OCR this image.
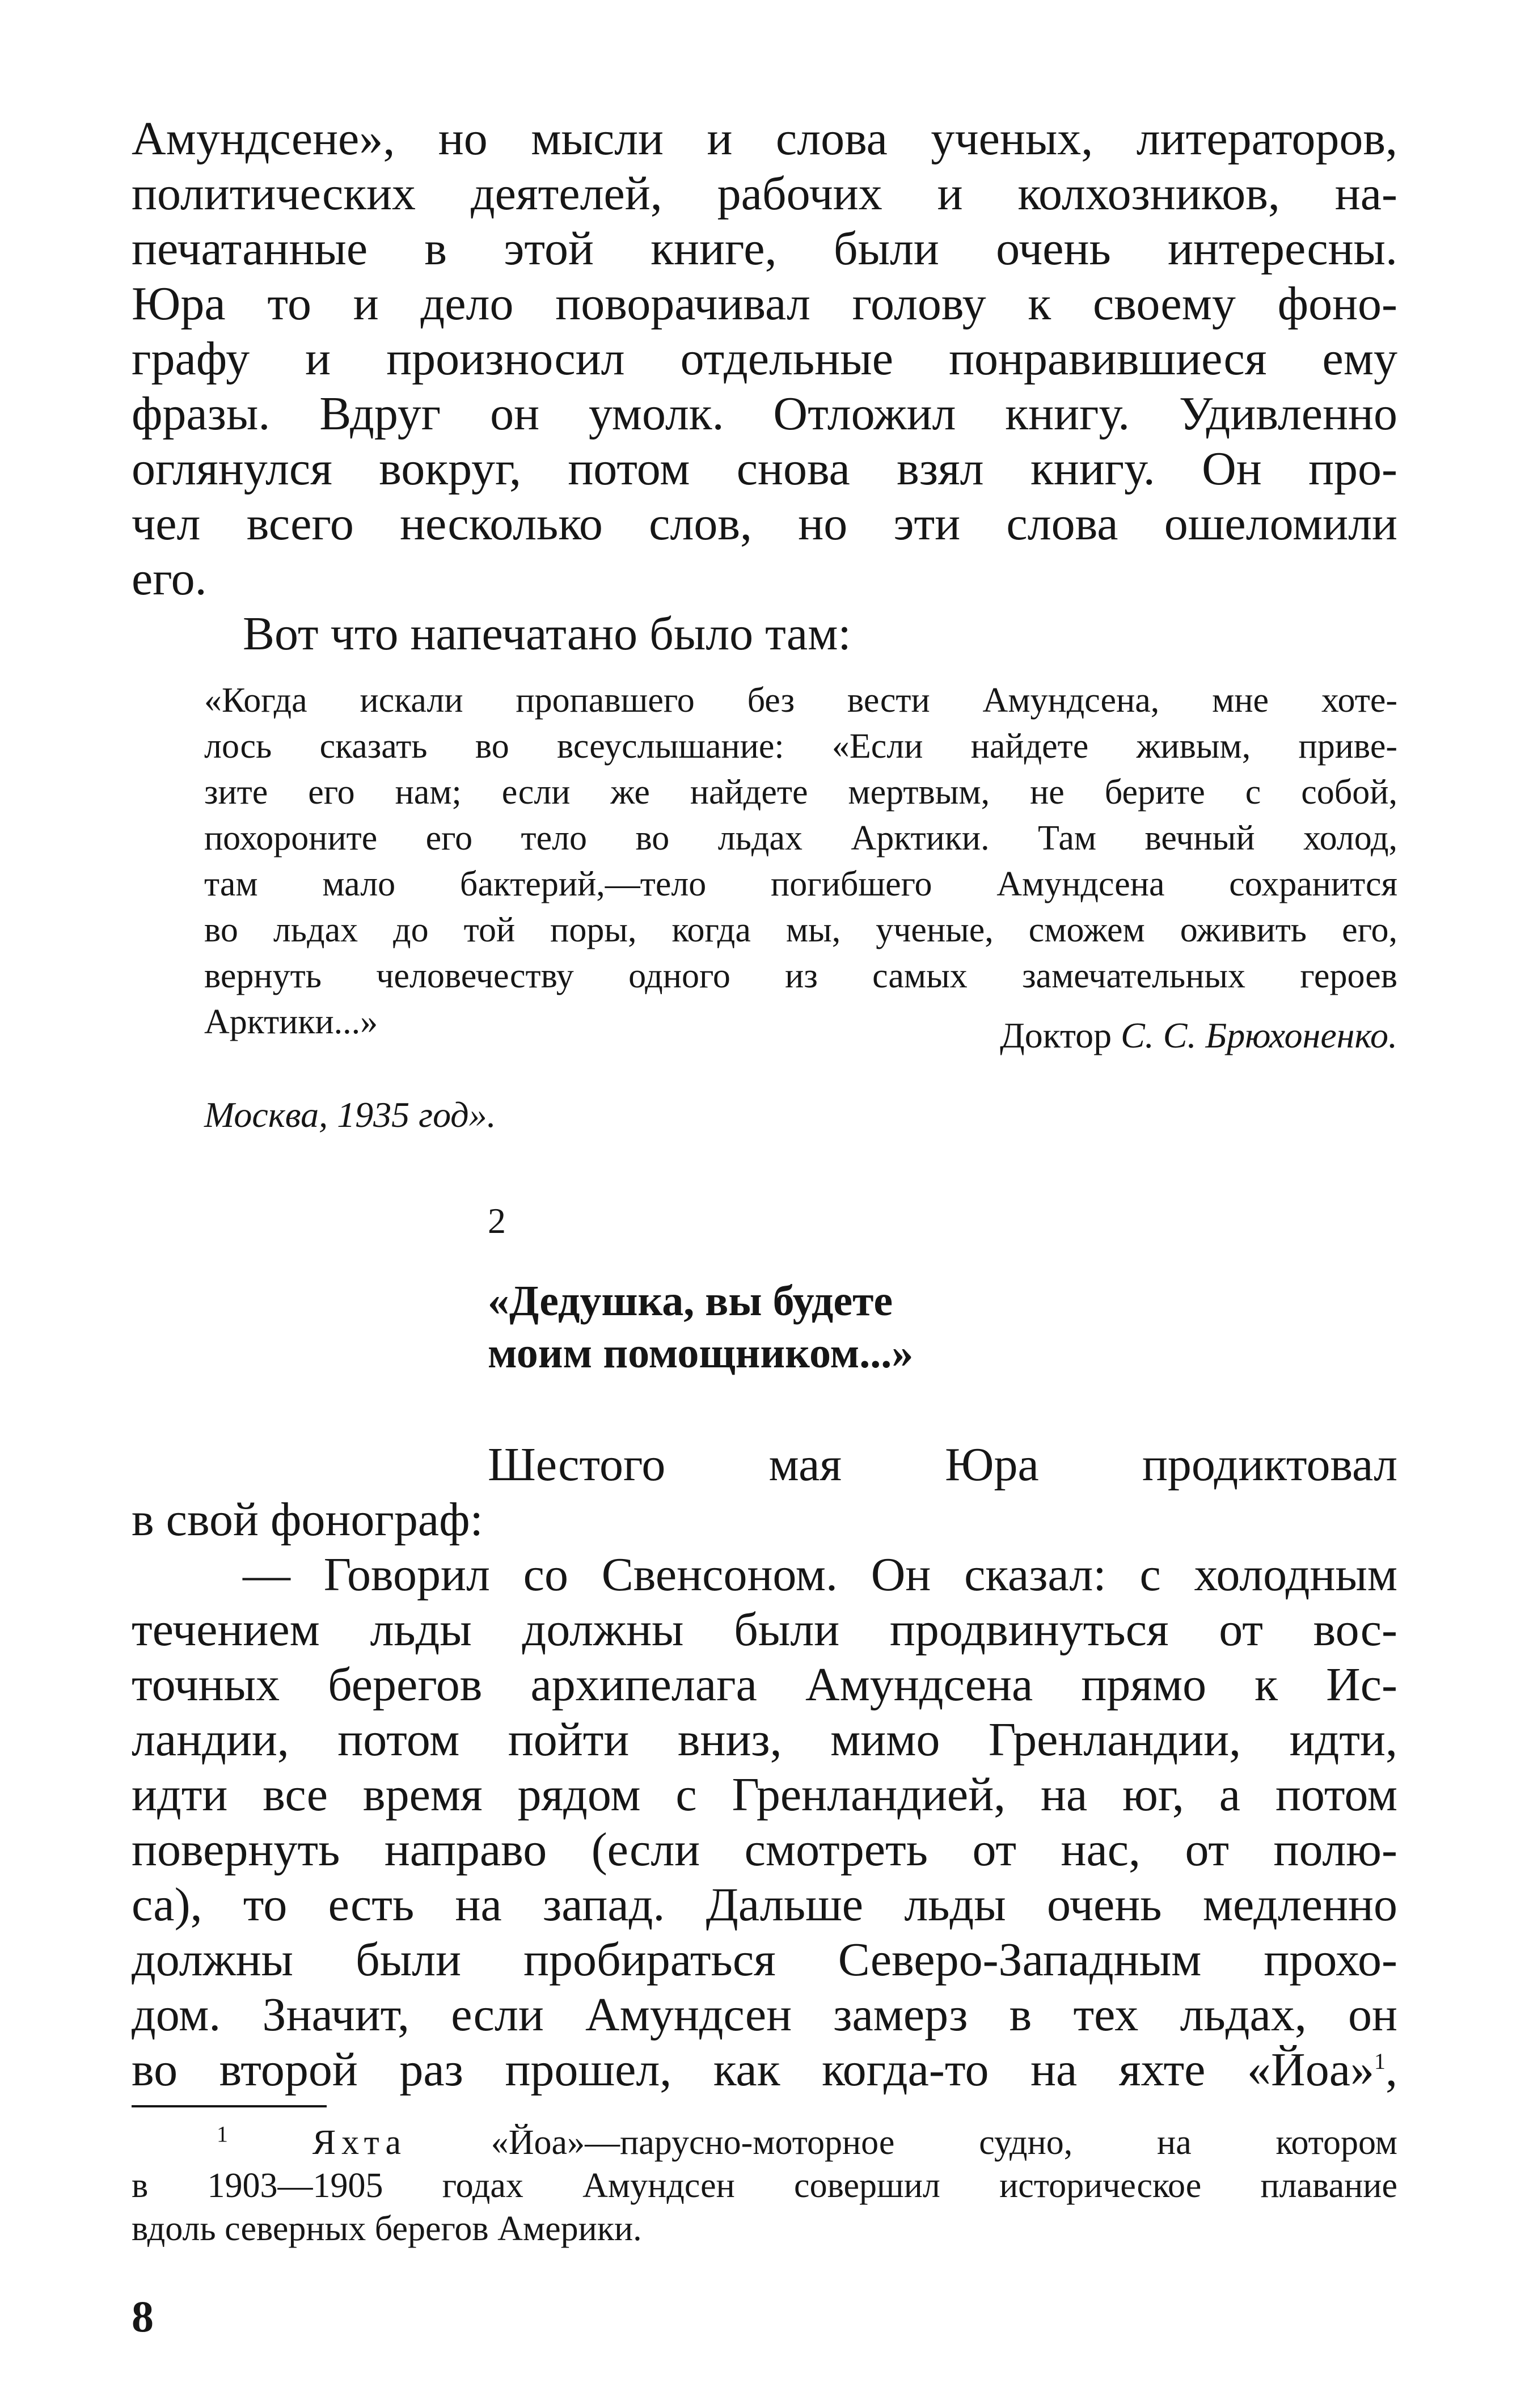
Амундсене», но мысли и слова ученых, литераторов,

политических деятелей, рабочих и колхозников, на-

печатанные в этой книге, были очень интересны.

Юра то и дело поворачивал голову к своему фоно-

графу и произносил отдельные понравившиеся ему

фразы. Вдруг он умолк. Отложил книгу. Удивленно

оглянулся вокруг, потом снова взял книгу. Он про-

чел всего несколько слов, но эти слова ошеломили

его.

Вот что напечатано было там:

«Когда искали пропавшего без вести Амундсена, мне хоте-

лось сказать во всеуслышание: «Если найдете живым, приве-

зите его нам; если же найдете мертвым, не берите с собой,

похороните его тело во льдах Арктики. Там вечный холод,

там мало бактерий,—тело погибшего Амундсена сохранится

во льдах до той поры, когда мы, ученые, сможем оживить его,

вернуть человечеству одного из самых замечательных героев

Арктики...»	Доктор С. С. Брюхоненко.
Москва, 1935 год».
2
«Дедушка, вы будете
моим помощником...»

Шестого мая Юра продиктовал

в свой фонограф:

— Говорил со Свенсоном. Он сказал: с холодным

течением льды должны были продвинуться от вос-

точных берегов архипелага Амундсена прямо к Ис-

ландии, потом пойти вниз, мимо Гренландии, идти,

идти все время рядом с Гренландией, на юг, а потом

повернуть направо (если смотреть от нас, от полю-

са), то есть на запад. Дальше льды очень медленно

должны были пробираться Северо-Западным прохо-

дом. Значит, если Амундсен замерз в тех льдах, он

во второй раз прошел, как когда-то на яхте «Йоа»$^1$,

$^1$ Яхта «Йоа»—парусно-моторное судно, на котором

в 1903—1905 годах Амундсен совершил историческое плавание

вдоль северных берегов Америки.

8
